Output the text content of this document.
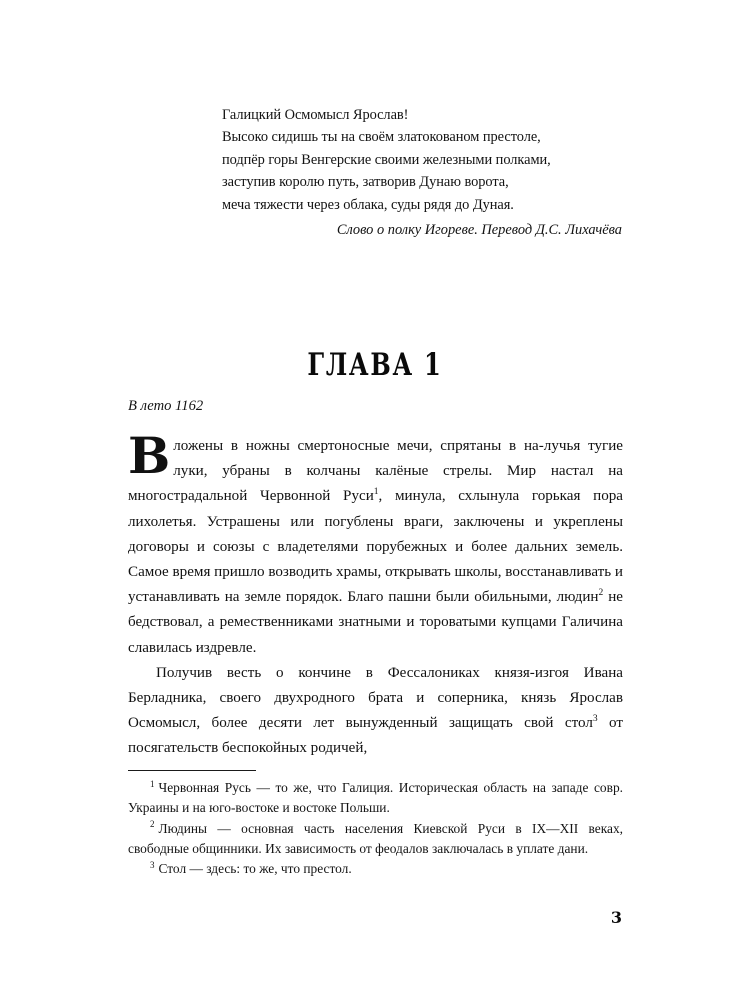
Галицкий Осмомысл Ярослав!
Высоко сидишь ты на своём златокованом престоле,
подпёр горы Венгерские своими железными полками,
заступив королю путь, затворив Дунаю ворота,
меча тяжести через облака, суды рядя до Дуная.
Слово о полку Игореве. Перевод Д.С. Лихачёва
ГЛАВА 1
В лето 1162

В ложены в ножны смертоносные мечи, спрятаны в на-лучья тугие луки, убраны в колчаны калёные стрелы. Мир настал на многострадальной Червонной Руси$^1$, минула, схлынула горькая пора лихолетья. Устрашены или погублены враги, заключены и укреплены договоры и союзы с владетелями порубежных и более дальних земель. Самое время пришло возводить храмы, открывать школы, восстанавливать и устанавливать на земле порядок. Благо пашни были обильными, людин$^2$ не бедствовал, а ремественниками знатными и тороватыми купцами Галичина славилась издревле.

Получив весть о кончине в Фессалониках князя-изгоя Ивана Берладника, своего двухродного брата и соперника, князь Ярослав Осмомысл, более десяти лет вынужденный защищать свой стол$^3$ от посягательств беспокойных родичей,

$^1$ Червонная Русь — то же, что Галиция. Историческая область на западе совр. Украины и на юго-востоке и востоке Польши.

$^2$ Людины — основная часть населения Киевской Руси в IX—XII веках, свободные общинники. Их зависимость от феодалов заключалась в уплате дани.

$^3$ Стол — здесь: то же, что престол.

3
